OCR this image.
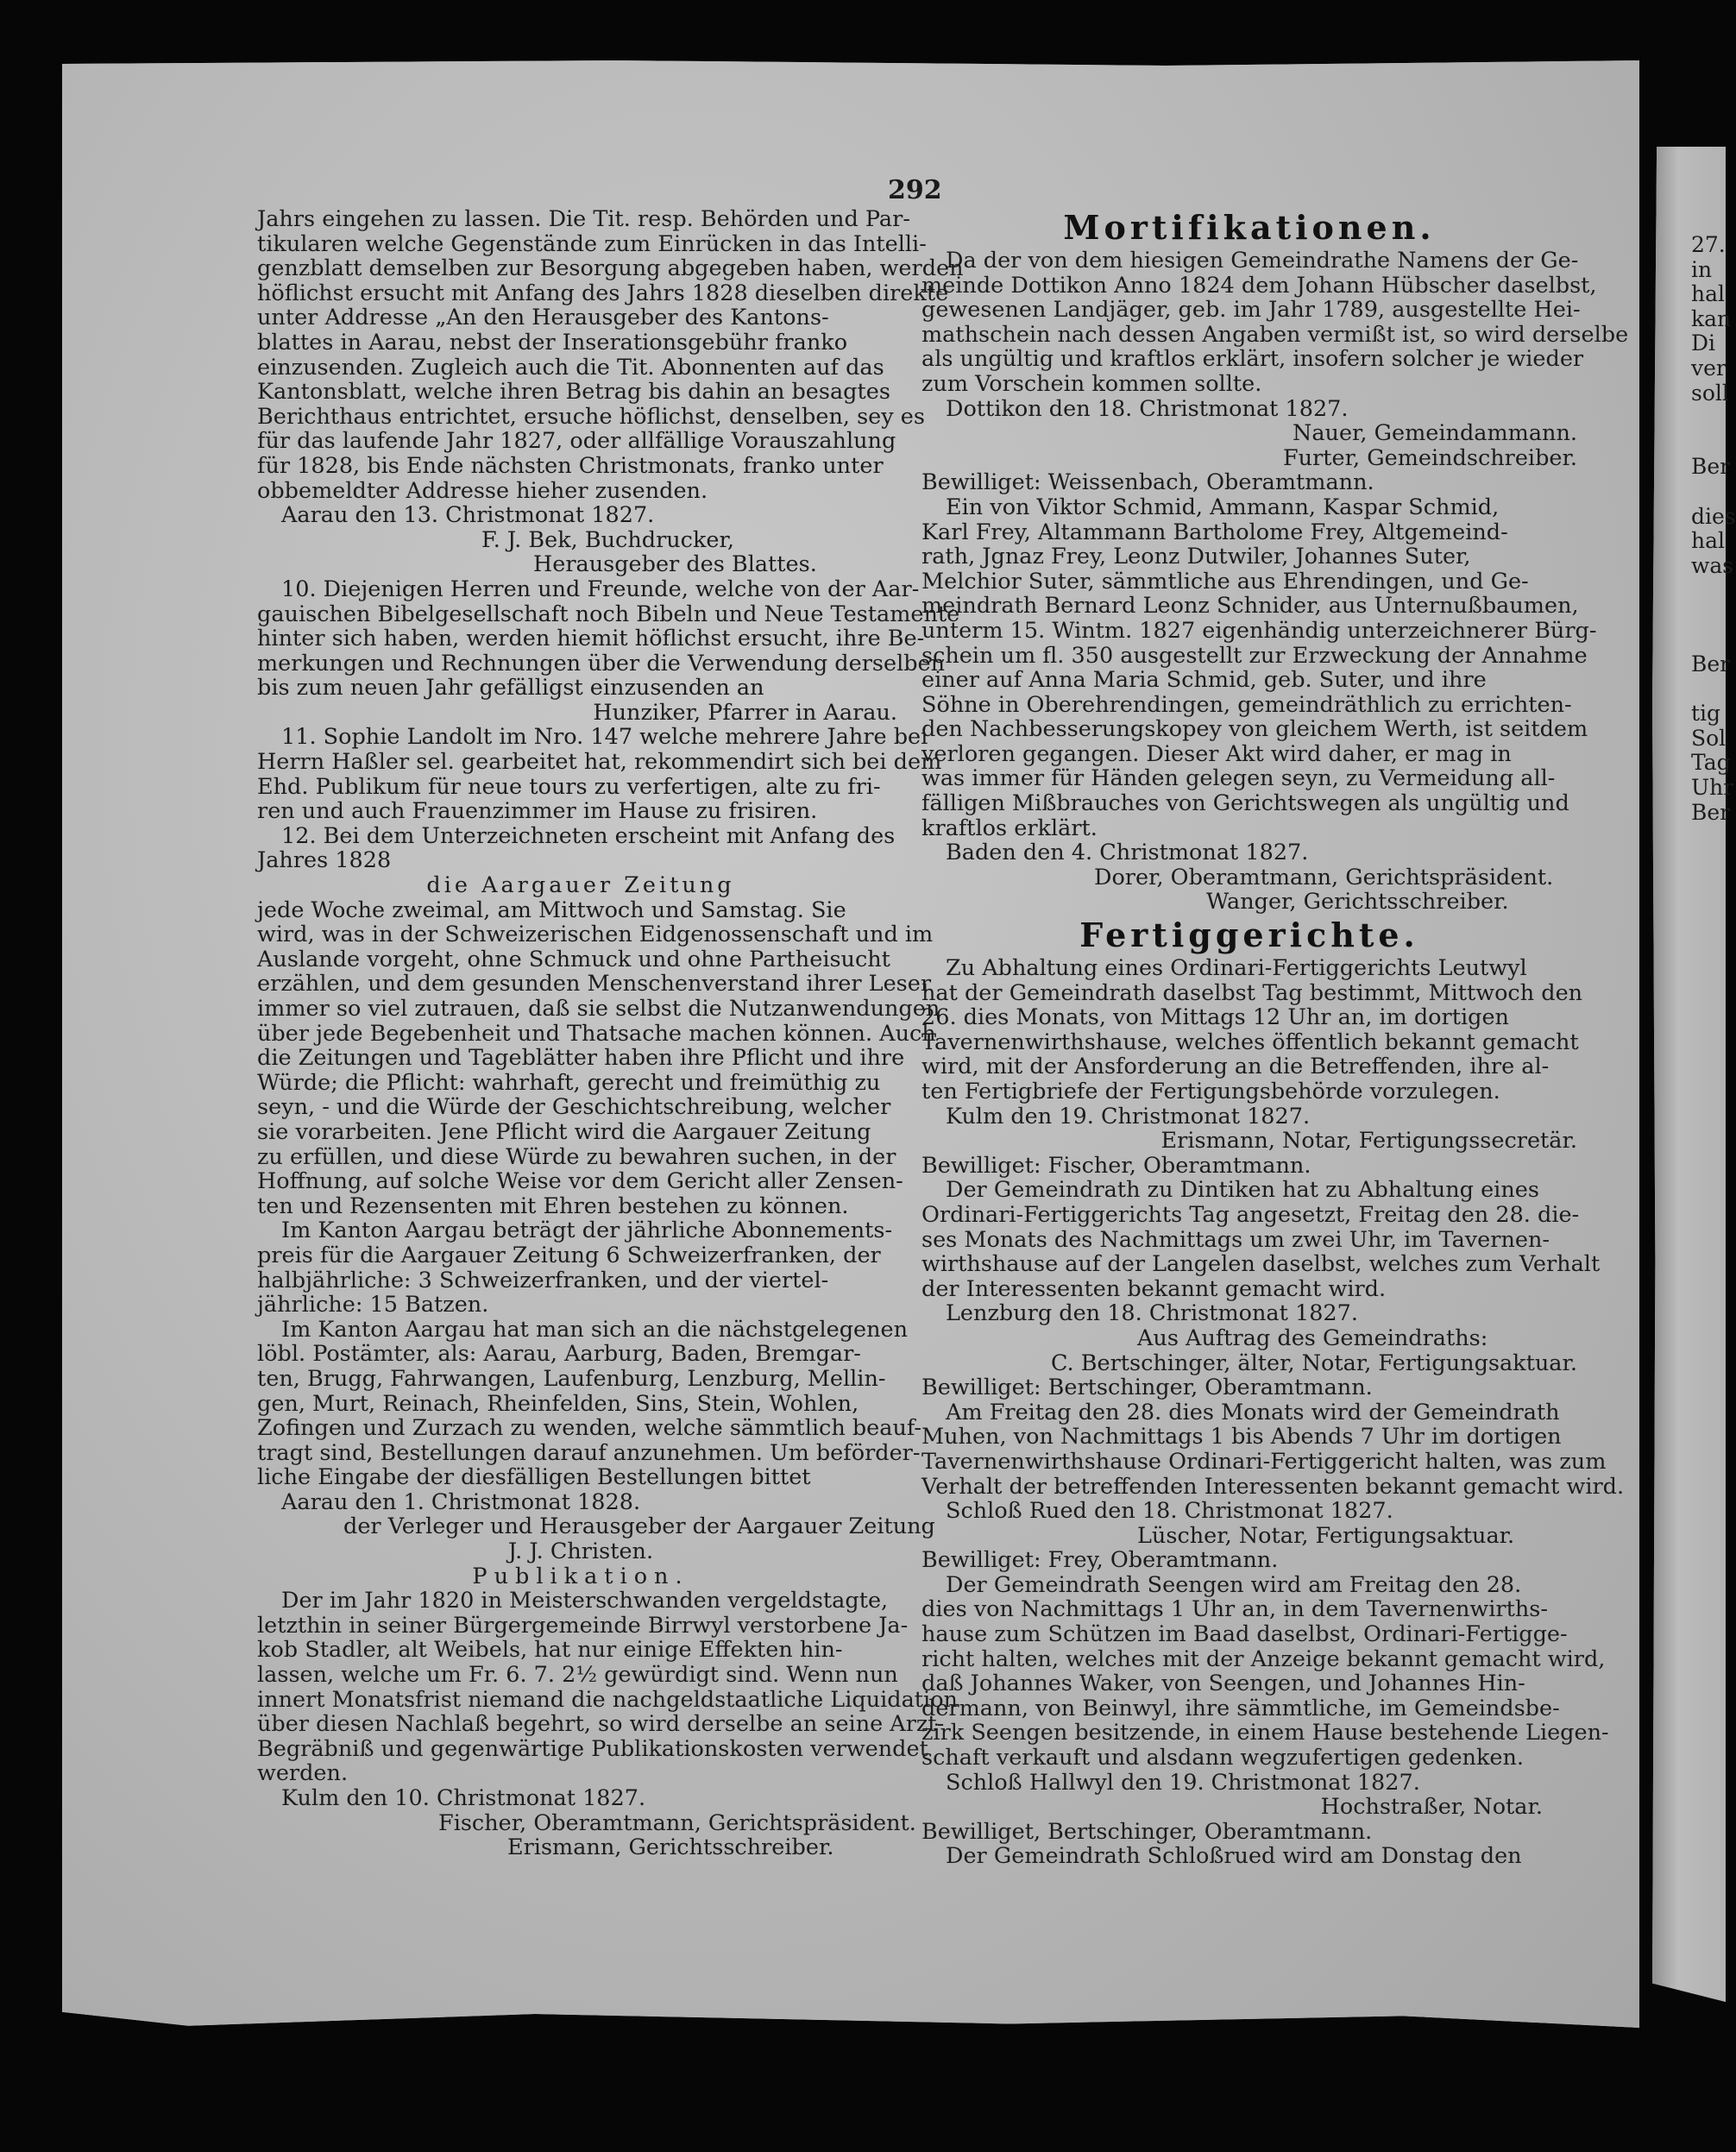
292

Jahrs eingehen zu lassen. Die Tit. resp. Behörden und Par-

tikularen welche Gegenstände zum Einrücken in das Intelli-

genzblatt demselben zur Besorgung abgegeben haben, werden

höflichst ersucht mit Anfang des Jahrs 1828 dieselben direkte

unter Addresse „An den Herausgeber des Kantons-

blattes in Aarau, nebst der Inserationsgebühr franko

einzusenden. Zugleich auch die Tit. Abonnenten auf das

Kantonsblatt, welche ihren Betrag bis dahin an besagtes

Berichthaus entrichtet, ersuche höflichst, denselben, sey es

für das laufende Jahr 1827, oder allfällige Vorauszahlung

für 1828, bis Ende nächsten Christmonats, franko unter

obbemeldter Addresse hieher zusenden.

Aarau den 13. Christmonat 1827.

F. J. Bek, Buchdrucker,

Herausgeber des Blattes.

10. Diejenigen Herren und Freunde, welche von der Aar-

gauischen Bibelgesellschaft noch Bibeln und Neue Testamente

hinter sich haben, werden hiemit höflichst ersucht, ihre Be-

merkungen und Rechnungen über die Verwendung derselben

bis zum neuen Jahr gefälligst einzusenden an

Hunziker, Pfarrer in Aarau.

11. Sophie Landolt im Nro. 147 welche mehrere Jahre bei

Herrn Haßler sel. gearbeitet hat, rekommendirt sich bei dem

Ehd. Publikum für neue tours zu verfertigen, alte zu fri-

ren und auch Frauenzimmer im Hause zu frisiren.

12. Bei dem Unterzeichneten erscheint mit Anfang des

Jahres 1828

die Aargauer Zeitung

jede Woche zweimal, am Mittwoch und Samstag. Sie

wird, was in der Schweizerischen Eidgenossenschaft und im

Auslande vorgeht, ohne Schmuck und ohne Partheisucht

erzählen, und dem gesunden Menschenverstand ihrer Leser

immer so viel zutrauen, daß sie selbst die Nutzanwendungen

über jede Begebenheit und Thatsache machen können. Auch

die Zeitungen und Tageblätter haben ihre Pflicht und ihre

Würde; die Pflicht: wahrhaft, gerecht und freimüthig zu

seyn, - und die Würde der Geschichtschreibung, welcher

sie vorarbeiten. Jene Pflicht wird die Aargauer Zeitung

zu erfüllen, und diese Würde zu bewahren suchen, in der

Hoffnung, auf solche Weise vor dem Gericht aller Zensen-

ten und Rezensenten mit Ehren bestehen zu können.

Im Kanton Aargau beträgt der jährliche Abonnements-

preis für die Aargauer Zeitung 6 Schweizerfranken, der

halbjährliche: 3 Schweizerfranken, und der viertel-

jährliche: 15 Batzen.

Im Kanton Aargau hat man sich an die nächstgelegenen

löbl. Postämter, als: Aarau, Aarburg, Baden, Bremgar-

ten, Brugg, Fahrwangen, Laufenburg, Lenzburg, Mellin-

gen, Murt, Reinach, Rheinfelden, Sins, Stein, Wohlen,

Zofingen und Zurzach zu wenden, welche sämmtlich beauf-

tragt sind, Bestellungen darauf anzunehmen. Um beförder-

liche Eingabe der diesfälligen Bestellungen bittet

Aarau den 1. Christmonat 1828.

der Verleger und Herausgeber der Aargauer Zeitung

J. J. Christen.

Publikation.

Der im Jahr 1820 in Meisterschwanden vergeldstagte,

letzthin in seiner Bürgergemeinde Birrwyl verstorbene Ja-

kob Stadler, alt Weibels, hat nur einige Effekten hin-

lassen, welche um Fr. 6. 7. 2½ gewürdigt sind. Wenn nun

innert Monatsfrist niemand die nachgeldstaatliche Liquidation

über diesen Nachlaß begehrt, so wird derselbe an seine Arzt-

Begräbniß und gegenwärtige Publikationskosten verwendet

werden.

Kulm den 10. Christmonat 1827.

Fischer, Oberamtmann, Gerichtspräsident.

Erismann, Gerichtsschreiber.

Mortifikationen.

Da der von dem hiesigen Gemeindrathe Namens der Ge-

meinde Dottikon Anno 1824 dem Johann Hübscher daselbst,

gewesenen Landjäger, geb. im Jahr 1789, ausgestellte Hei-

mathschein nach dessen Angaben vermißt ist, so wird derselbe

als ungültig und kraftlos erklärt, insofern solcher je wieder

zum Vorschein kommen sollte.

Dottikon den 18. Christmonat 1827.

Nauer, Gemeindammann.

Furter, Gemeindschreiber.

Bewilliget: Weissenbach, Oberamtmann.

Ein von Viktor Schmid, Ammann, Kaspar Schmid,

Karl Frey, Altammann Bartholome Frey, Altgemeind-

rath, Jgnaz Frey, Leonz Dutwiler, Johannes Suter,

Melchior Suter, sämmtliche aus Ehrendingen, und Ge-

meindrath Bernard Leonz Schnider, aus Unternußbaumen,

unterm 15. Wintm. 1827 eigenhändig unterzeichnerer Bürg-

schein um fl. 350 ausgestellt zur Erzweckung der Annahme

einer auf Anna Maria Schmid, geb. Suter, und ihre

Söhne in Oberehrendingen, gemeindräthlich zu errichten-

den Nachbesserungskopey von gleichem Werth, ist seitdem

verloren gegangen. Dieser Akt wird daher, er mag in

was immer für Händen gelegen seyn, zu Vermeidung all-

fälligen Mißbrauches von Gerichtswegen als ungültig und

kraftlos erklärt.

Baden den 4. Christmonat 1827.

Dorer, Oberamtmann, Gerichtspräsident.

Wanger, Gerichtsschreiber.

Fertiggerichte.

Zu Abhaltung eines Ordinari-Fertiggerichts Leutwyl

hat der Gemeindrath daselbst Tag bestimmt, Mittwoch den

26. dies Monats, von Mittags 12 Uhr an, im dortigen

Tavernenwirthshause, welches öffentlich bekannt gemacht

wird, mit der Ansforderung an die Betreffenden, ihre al-

ten Fertigbriefe der Fertigungsbehörde vorzulegen.

Kulm den 19. Christmonat 1827.

Erismann, Notar, Fertigungssecretär.

Bewilliget: Fischer, Oberamtmann.

Der Gemeindrath zu Dintiken hat zu Abhaltung eines

Ordinari-Fertiggerichts Tag angesetzt, Freitag den 28. die-

ses Monats des Nachmittags um zwei Uhr, im Tavernen-

wirthshause auf der Langelen daselbst, welches zum Verhalt

der Interessenten bekannt gemacht wird.

Lenzburg den 18. Christmonat 1827.

Aus Auftrag des Gemeindraths:

C. Bertschinger, älter, Notar, Fertigungsaktuar.

Bewilliget: Bertschinger, Oberamtmann.

Am Freitag den 28. dies Monats wird der Gemeindrath

Muhen, von Nachmittags 1 bis Abends 7 Uhr im dortigen

Tavernenwirthshause Ordinari-Fertiggericht halten, was zum

Verhalt der betreffenden Interessenten bekannt gemacht wird.

Schloß Rued den 18. Christmonat 1827.

Lüscher, Notar, Fertigungsaktuar.

Bewilliget: Frey, Oberamtmann.

Der Gemeindrath Seengen wird am Freitag den 28.

dies von Nachmittags 1 Uhr an, in dem Tavernenwirths-

hause zum Schützen im Baad daselbst, Ordinari-Fertigge-

richt halten, welches mit der Anzeige bekannt gemacht wird,

daß Johannes Waker, von Seengen, und Johannes Hin-

dermann, von Beinwyl, ihre sämmtliche, im Gemeindsbe-

zirk Seengen besitzende, in einem Hause bestehende Liegen-

schaft verkauft und alsdann wegzufertigen gedenken.

Schloß Hallwyl den 19. Christmonat 1827.

Hochstraßer, Notar.

Bewilliget, Bertschinger, Oberamtmann.

Der Gemeindrath Schloßrued wird am Donstag den

27.

in

hal

kan

Di

ver

soll

Ber

dies

hal

was

Ber

tig

Sol

Tag

Uhr

Ber
